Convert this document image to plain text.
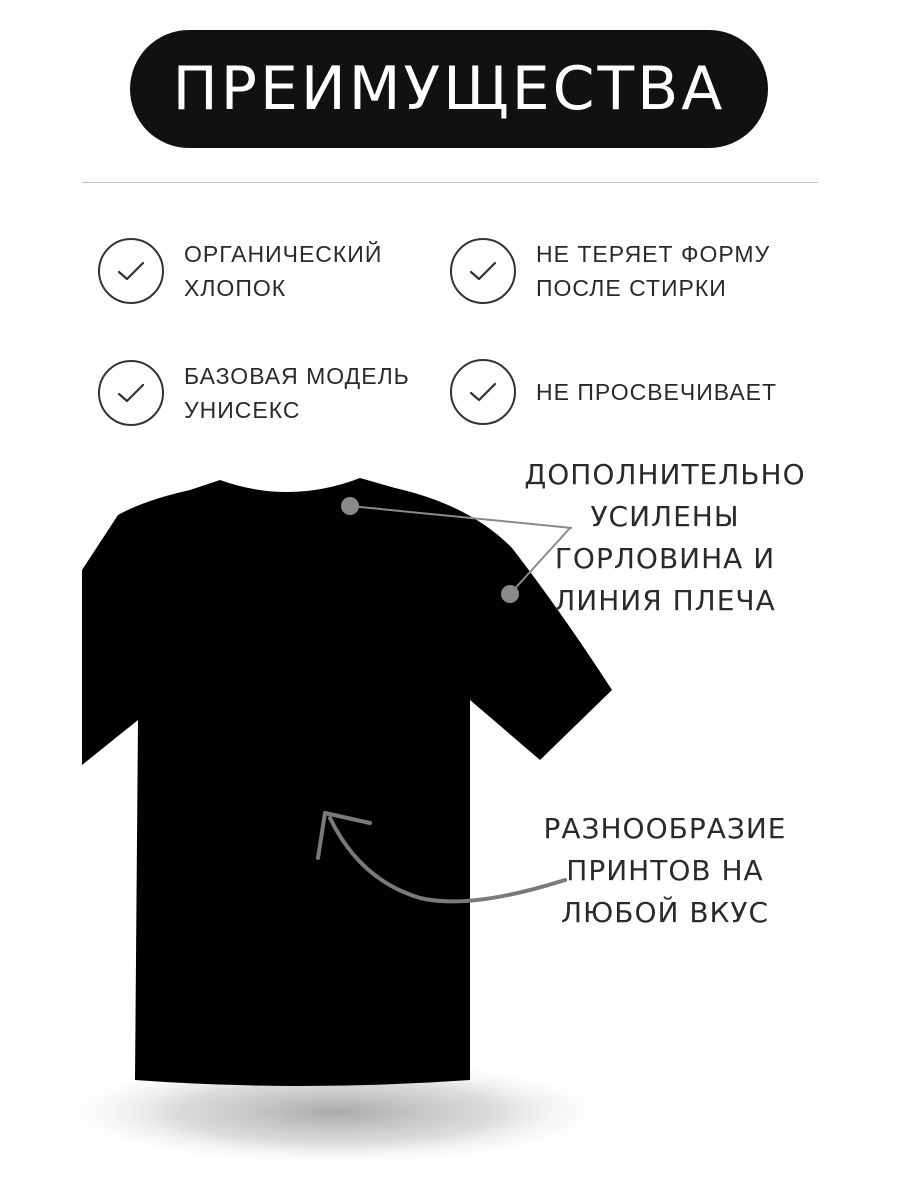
ПРЕИМУЩЕСТВА
ОРГАНИЧЕСКИЙ
ХЛОПОК
НЕ ТЕРЯЕТ ФОРМУ
ПОСЛЕ СТИРКИ
БАЗОВАЯ МОДЕЛЬ
УНИСЕКС
НЕ ПРОСВЕЧИВАЕТ
ДОПОЛНИТЕЛЬНО
УСИЛЕНЫ
ГОРЛОВИНА И
ЛИНИЯ ПЛЕЧА
РАЗНООБРАЗИЕ
ПРИНТОВ НА
ЛЮБОЙ ВКУС
